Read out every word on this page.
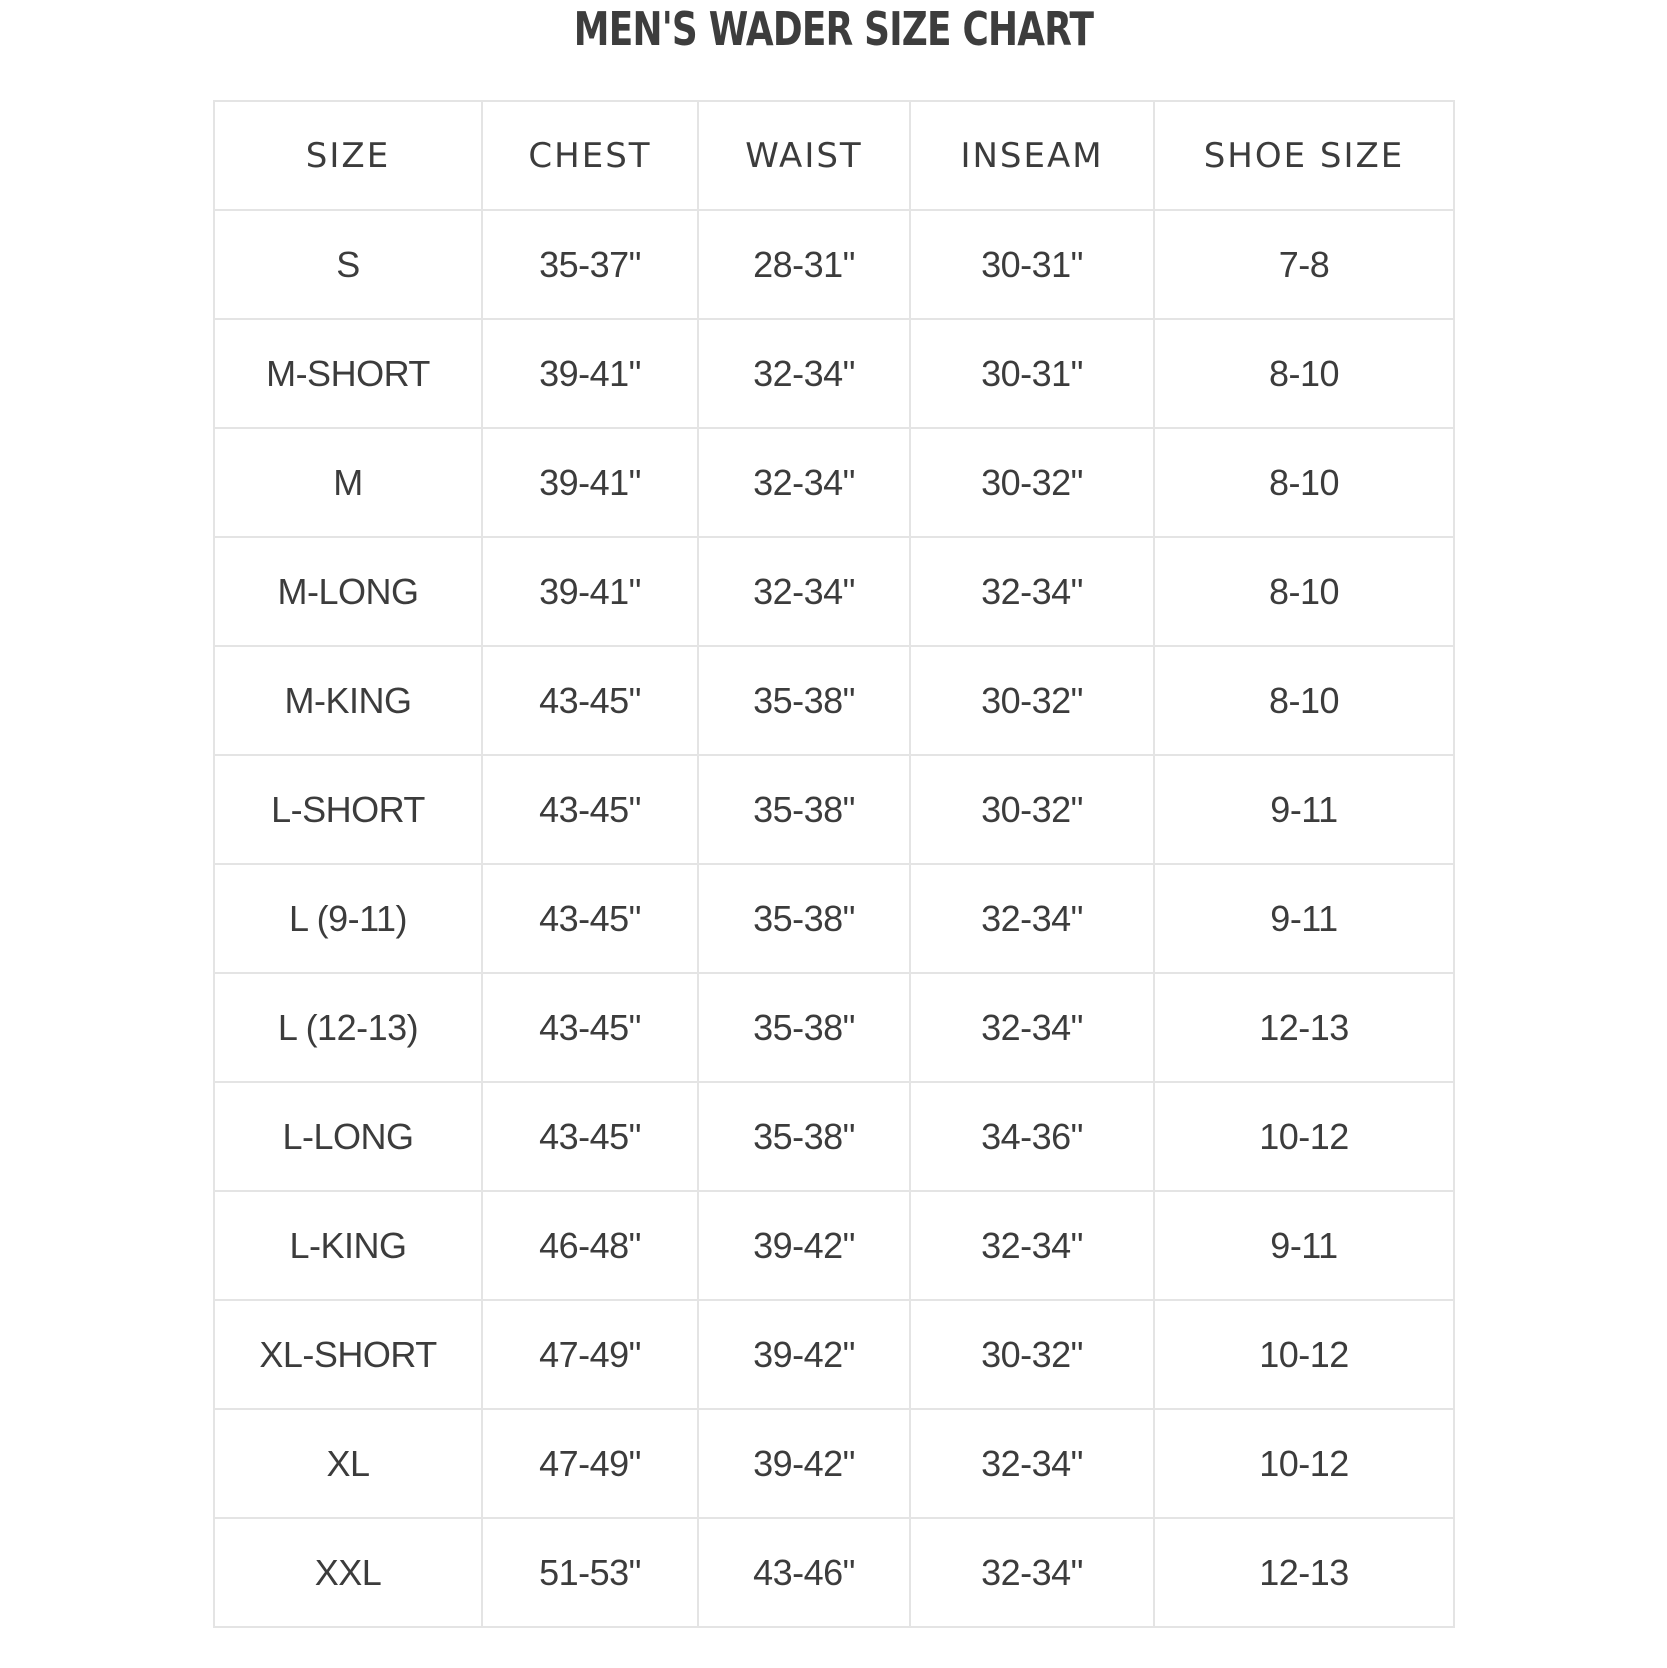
MEN'S WADER SIZE CHART
SIZE	CHEST	WAIST	INSEAM	SHOE SIZE
S	35-37"	28-31"	30-31"	7-8
M-SHORT	39-41"	32-34"	30-31"	8-10
M	39-41"	32-34"	30-32"	8-10
M-LONG	39-41"	32-34"	32-34"	8-10
M-KING	43-45"	35-38"	30-32"	8-10
L-SHORT	43-45"	35-38"	30-32"	9-11
L (9-11)	43-45"	35-38"	32-34"	9-11
L (12-13)	43-45"	35-38"	32-34"	12-13
L-LONG	43-45"	35-38"	34-36"	10-12
L-KING	46-48"	39-42"	32-34"	9-11
XL-SHORT	47-49"	39-42"	30-32"	10-12
XL	47-49"	39-42"	32-34"	10-12
XXL	51-53"	43-46"	32-34"	12-13
